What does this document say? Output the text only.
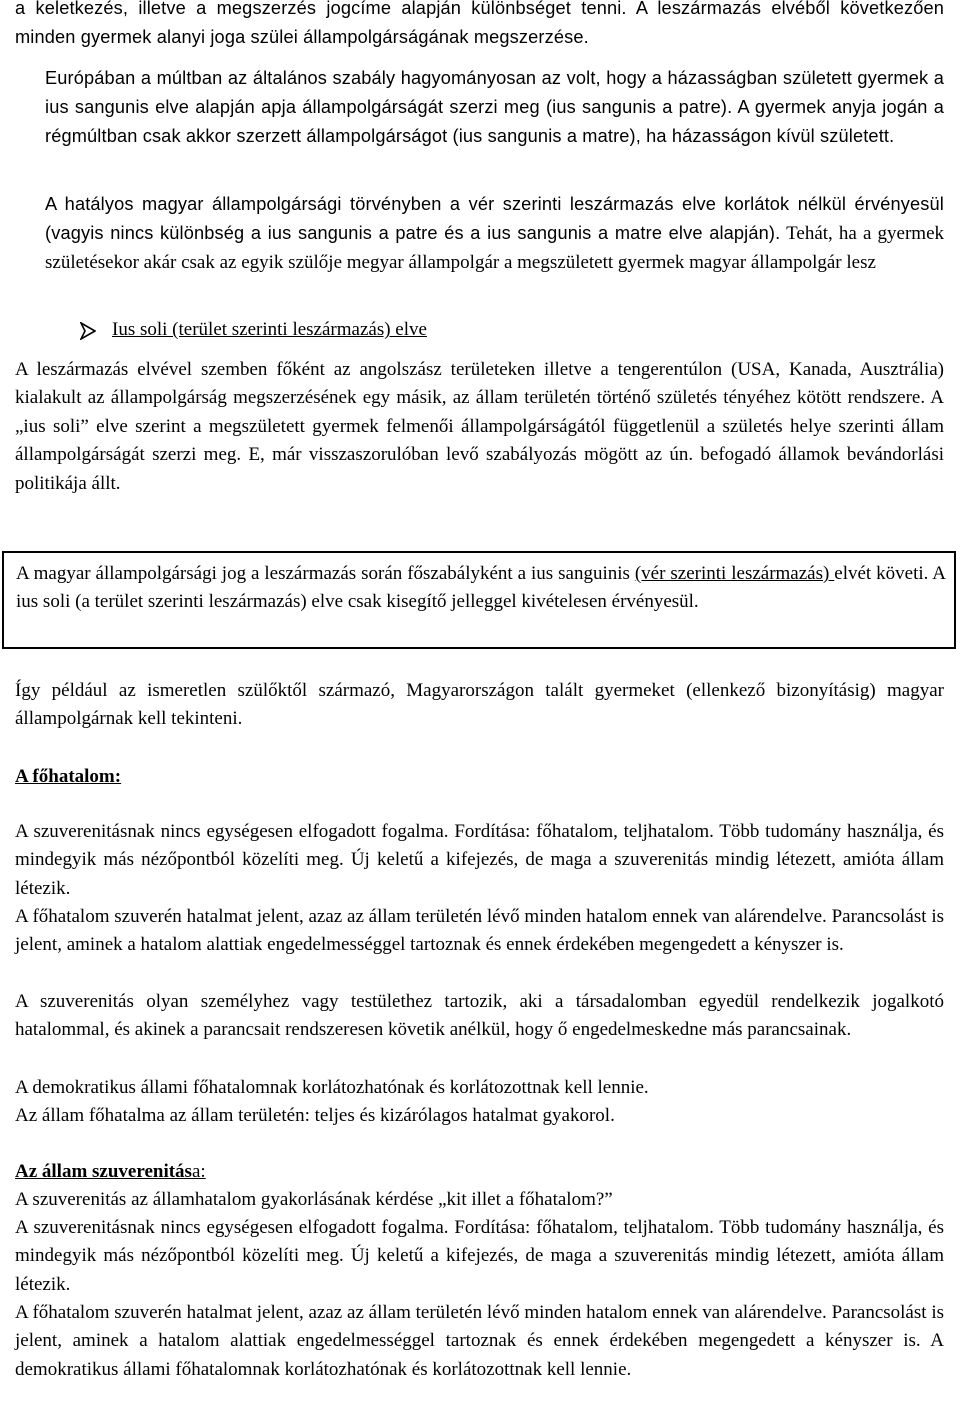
a keletkezés, illetve a megszerzés jogcíme alapján különbséget tenni. A leszármazás elvéből következően minden gyermek alanyi joga szülei állampolgárságának megszerzése.

Európában a múltban az általános szabály hagyományosan az volt, hogy a házasságban született gyermek a ius sangunis elve alapján apja állampolgárságát szerzi meg (ius sangunis a patre). A gyermek anyja jogán a régmúltban csak akkor szerzett állampolgárságot (ius sangunis a matre), ha házasságon kívül született.

A hatályos magyar állampolgársági törvényben a vér szerinti leszármazás elve korlátok nélkül érvényesül (vagyis nincs különbség a ius sangunis a patre és a ius sangunis a matre elve alapján). Tehát, ha a gyermek születésekor akár csak az egyik szülője megyar állampolgár a megszületett gyermek magyar állampolgár lesz

Ius soli (terület szerinti leszármazás) elve

A leszármazás elvével szemben főként az angolszász területeken illetve a tengerentúlon (USA, Kanada, Ausztrália) kialakult az állampolgárság megszerzésének egy másik, az állam területén történő születés tényéhez kötött rendszere. A „ius soli” elve szerint a megszületett gyermek felmenői állampolgárságától függetlenül a születés helye szerinti állam állampolgárságát szerzi meg. E, már visszaszorulóban levő szabályozás mögött az ún. befogadó államok bevándorlási politikája állt.

A magyar állampolgársági jog a leszármazás során főszabályként a ius sanguinis (vér szerinti leszármazás) elvét követi. A ius soli (a terület szerinti leszármazás) elve csak kisegítő jelleggel kivételesen érvényesül.

Így például az ismeretlen szülőktől származó, Magyarországon talált gyermeket (ellenkező bizonyításig) magyar állampolgárnak kell tekinteni.

A főhatalom:

A szuverenitásnak nincs egységesen elfogadott fogalma. Fordítása: főhatalom, teljhatalom. Több tudomány használja, és mindegyik más nézőpontból közelíti meg. Új keletű a kifejezés, de maga a szuverenitás mindig létezett, amióta állam létezik.

A főhatalom szuverén hatalmat jelent, azaz az állam területén lévő minden hatalom ennek van alárendelve. Parancsolást is jelent, aminek a hatalom alattiak engedelmességgel tartoznak és ennek érdekében megengedett a kényszer is.

A szuverenitás olyan személyhez vagy testülethez tartozik, aki a társadalomban egyedül rendelkezik jogalkotó hatalommal, és akinek a parancsait rendszeresen követik anélkül, hogy ő engedelmeskedne más parancsainak.

A demokratikus állami főhatalomnak korlátozhatónak és korlátozottnak kell lennie.

Az állam főhatalma az állam területén: teljes és kizárólagos hatalmat gyakorol.

Az állam szuverenitása:

A szuverenitás az államhatalom gyakorlásának kérdése „kit illet a főhatalom?”

A szuverenitásnak nincs egységesen elfogadott fogalma. Fordítása: főhatalom, teljhatalom. Több tudomány használja, és mindegyik más nézőpontból közelíti meg. Új keletű a kifejezés, de maga a szuverenitás mindig létezett, amióta állam létezik.

A főhatalom szuverén hatalmat jelent, azaz az állam területén lévő minden hatalom ennek van alárendelve. Parancsolást is jelent, aminek a hatalom alattiak engedelmességgel tartoznak és ennek érdekében megengedett a kényszer is. A demokratikus állami főhatalomnak korlátozhatónak és korlátozottnak kell lennie.
